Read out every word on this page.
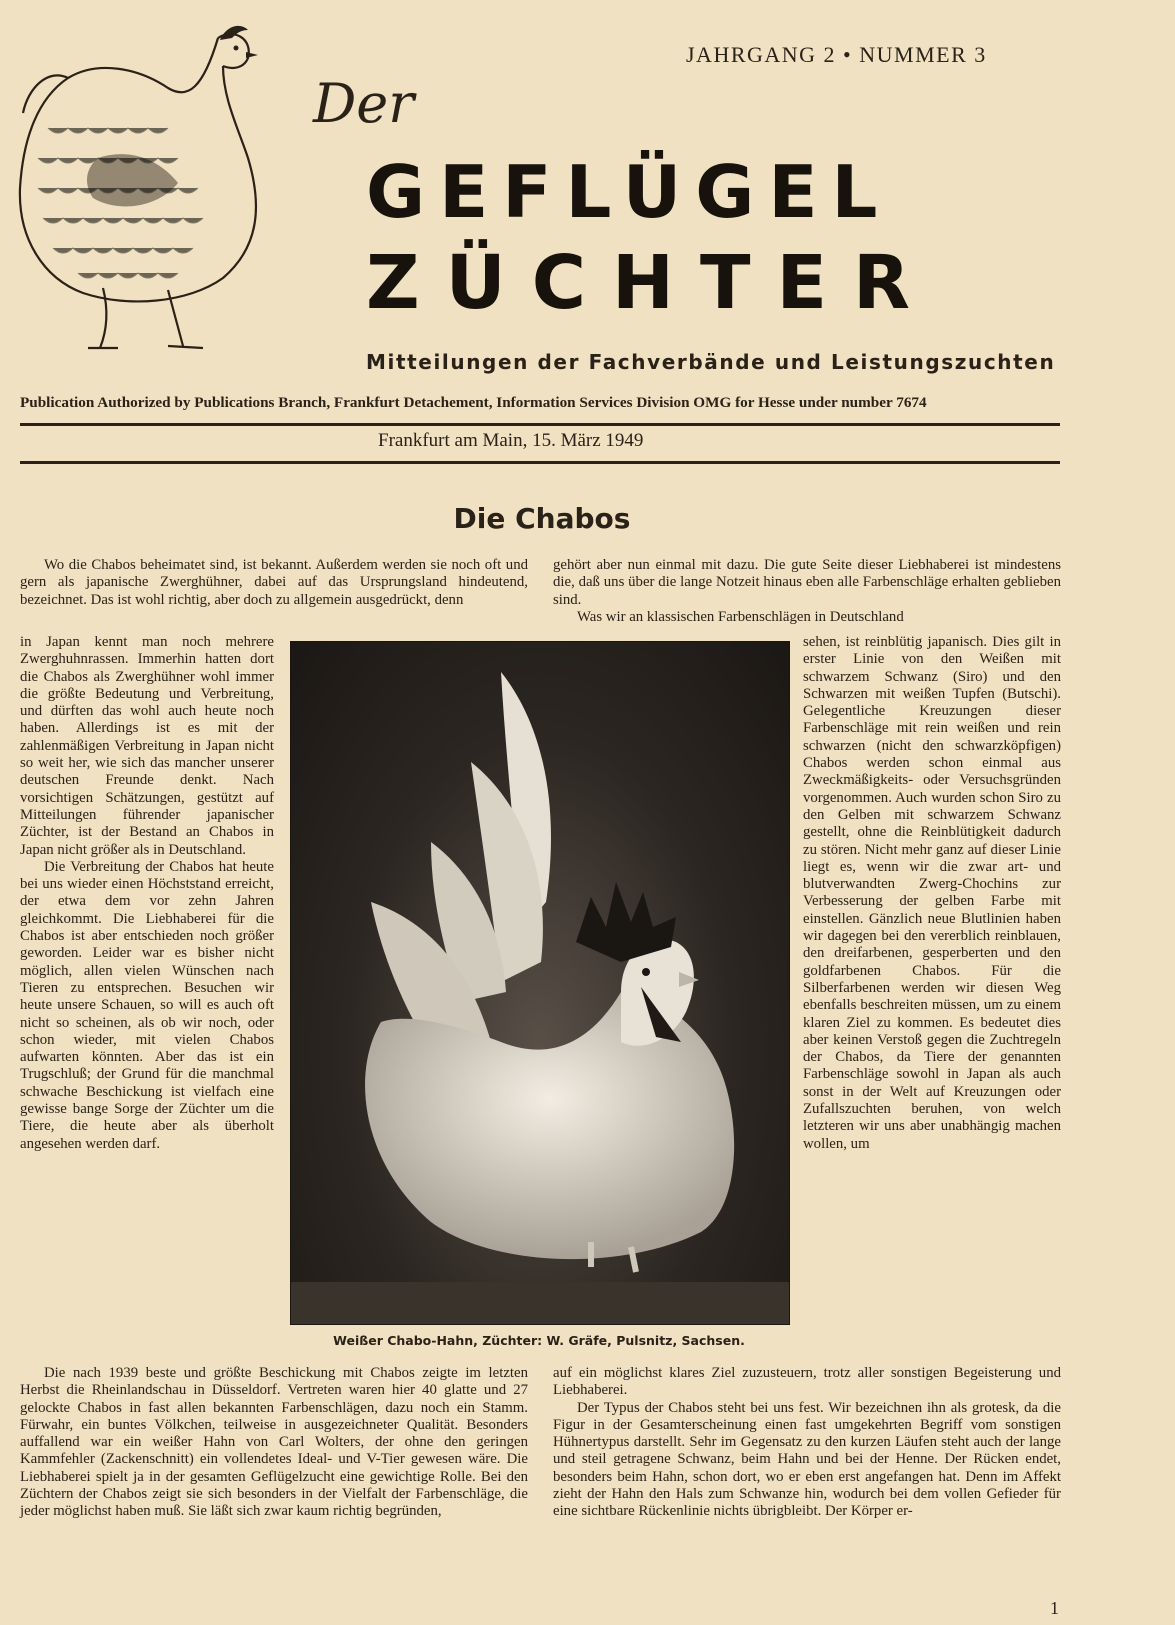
JAHRGANG 2 • NUMMER 3
Der
GEFLÜGEL
ZÜCHTER
Mitteilungen der Fachverbände und Leistungszuchten
Publication Authorized by Publications Branch, Frankfurt Detachement, Information Services Division OMG for Hesse under number 7674
Frankfurt am Main, 15. März 1949
Die Chabos

Wo die Chabos beheimatet sind, ist bekannt. Außerdem werden sie noch oft und gern als japanische Zwerghühner, dabei auf das Ursprungsland hindeutend, bezeichnet. Das ist wohl richtig, aber doch zu allgemein ausgedrückt, denn

in Japan kennt man noch mehrere Zwerghuhnrassen. Immerhin hatten dort die Chabos als Zwerghühner wohl immer die größte Bedeutung und Verbreitung, und dürften das wohl auch heute noch haben. Allerdings ist es mit der zahlenmäßigen Verbreitung in Japan nicht so weit her, wie sich das mancher unserer deutschen Freunde denkt. Nach vorsichtigen Schätzungen, gestützt auf Mitteilungen führender japanischer Züchter, ist der Bestand an Chabos in Japan nicht größer als in Deutschland.

Die Verbreitung der Chabos hat heute bei uns wieder einen Höchststand erreicht, der etwa dem vor zehn Jahren gleichkommt. Die Liebhaberei für die Chabos ist aber entschieden noch größer geworden. Leider war es bisher nicht möglich, allen vielen Wünschen nach Tieren zu entsprechen. Besuchen wir heute unsere Schauen, so will es auch oft nicht so scheinen, als ob wir noch, oder schon wieder, mit vielen Chabos aufwarten könnten. Aber das ist ein Trugschluß; der Grund für die manchmal schwache Beschickung ist vielfach eine gewisse bange Sorge der Züchter um die Tiere, die heute aber als überholt angesehen werden darf.

gehört aber nun einmal mit dazu. Die gute Seite dieser Liebhaberei ist mindestens die, daß uns über die lange Notzeit hinaus eben alle Farbenschläge erhalten geblieben sind.

Was wir an klassischen Farbenschlägen in Deutschland

sehen, ist reinblütig japanisch. Dies gilt in erster Linie von den Weißen mit schwarzem Schwanz (Siro) und den Schwarzen mit weißen Tupfen (Butschi). Gelegentliche Kreuzungen dieser Farbenschläge mit rein weißen und rein schwarzen (nicht den schwarzköpfigen) Chabos werden schon einmal aus Zweckmäßigkeits- oder Versuchsgründen vorgenommen. Auch wurden schon Siro zu den Gelben mit schwarzem Schwanz gestellt, ohne die Reinblütigkeit dadurch zu stören. Nicht mehr ganz auf dieser Linie liegt es, wenn wir die zwar art- und blutverwandten Zwerg-Chochins zur Verbesserung der gelben Farbe mit einstellen. Gänzlich neue Blutlinien haben wir dagegen bei den vererblich reinblauen, den dreifarbenen, gesperberten und den goldfarbenen Chabos. Für die Silberfarbenen werden wir diesen Weg ebenfalls beschreiten müssen, um zu einem klaren Ziel zu kommen. Es bedeutet dies aber keinen Verstoß gegen die Zuchtregeln der Chabos, da Tiere der genannten Farbenschläge sowohl in Japan als auch sonst in der Welt auf Kreuzungen oder Zufallszuchten beruhen, von welch letzteren wir uns aber unabhängig machen wollen, um

Weißer Chabo-Hahn, Züchter: W. Gräfe, Pulsnitz, Sachsen.

Die nach 1939 beste und größte Beschickung mit Chabos zeigte im letzten Herbst die Rheinlandschau in Düsseldorf. Vertreten waren hier 40 glatte und 27 gelockte Chabos in fast allen bekannten Farbenschlägen, dazu noch ein Stamm. Fürwahr, ein buntes Völkchen, teilweise in ausgezeichneter Qualität. Besonders auffallend war ein weißer Hahn von Carl Wolters, der ohne den geringen Kammfehler (Zackenschnitt) ein vollendetes Ideal- und V-Tier gewesen wäre. Die Liebhaberei spielt ja in der gesamten Geflügelzucht eine gewichtige Rolle. Bei den Züchtern der Chabos zeigt sie sich besonders in der Vielfalt der Farbenschläge, die jeder möglichst haben muß. Sie läßt sich zwar kaum richtig begründen,

auf ein möglichst klares Ziel zuzusteuern, trotz aller sonstigen Begeisterung und Liebhaberei.

Der Typus der Chabos steht bei uns fest. Wir bezeichnen ihn als grotesk, da die Figur in der Gesamterscheinung einen fast umgekehrten Begriff vom sonstigen Hühnertypus darstellt. Sehr im Gegensatz zu den kurzen Läufen steht auch der lange und steil getragene Schwanz, beim Hahn und bei der Henne. Der Rücken endet, besonders beim Hahn, schon dort, wo er eben erst angefangen hat. Denn im Affekt zieht der Hahn den Hals zum Schwanze hin, wodurch bei dem vollen Gefieder für eine sichtbare Rückenlinie nichts übrigbleibt. Der Körper er-

1
